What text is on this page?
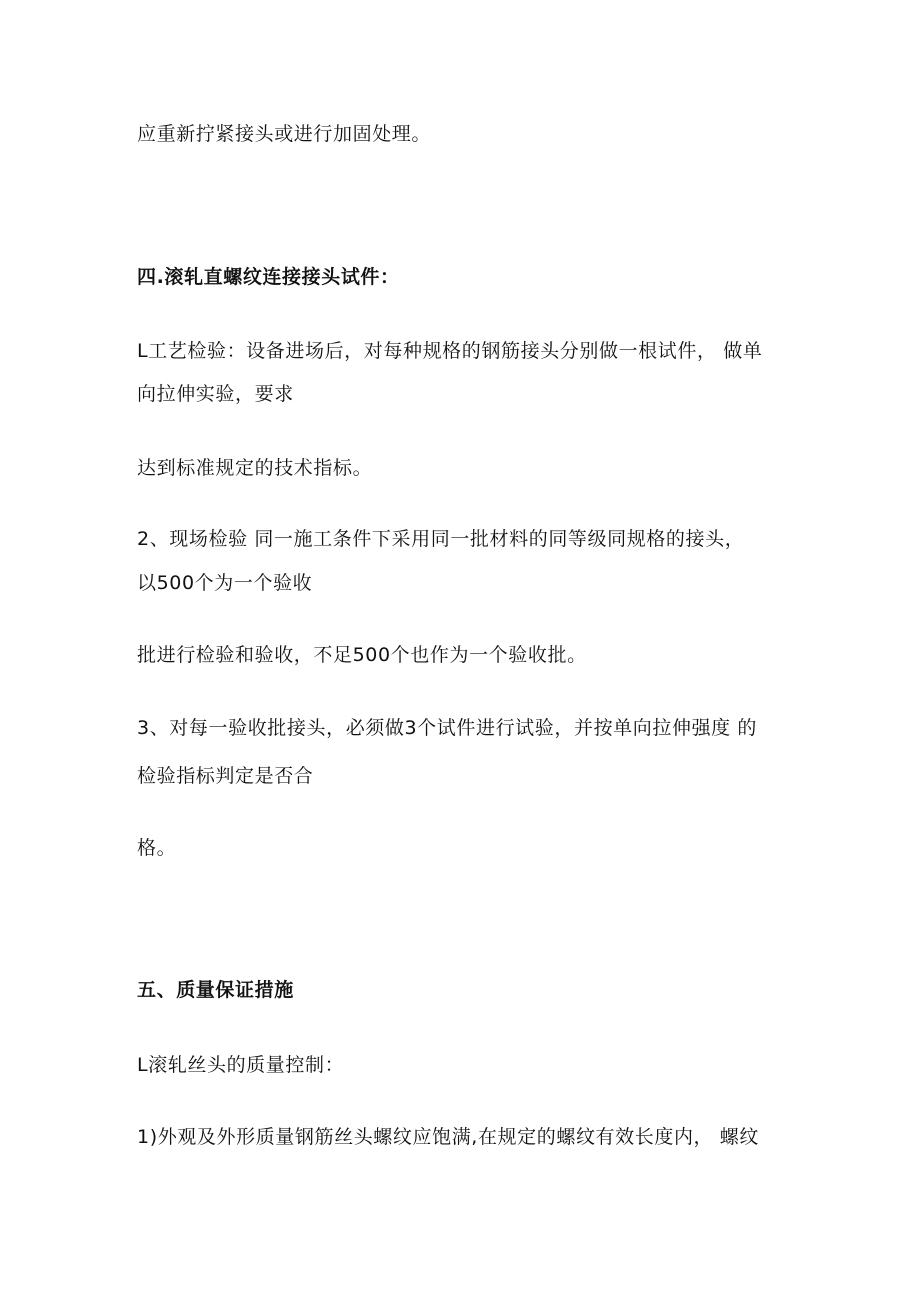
应重新拧紧接头或进行加固处理。
四.滚轧直螺纹连接接头试件：
L工艺检验：设备进场后，对每种规格的钢筋接头分别做一根试件， 做单
向拉伸实验，要求
达到标准规定的技术指标。
2、现场检验 同一施工条件下采用同一批材料的同等级同规格的接头，
以500个为一个验收
批进行检验和验收，不足500个也作为一个验收批。
3、对每一验收批接头，必须做3个试件进行试验，并按单向拉伸强度 的
检验指标判定是否合
格。
五、质量保证措施
L滚轧丝头的质量控制：
1)外观及外形质量钢筋丝头螺纹应饱满,在规定的螺纹有效长度内， 螺纹
